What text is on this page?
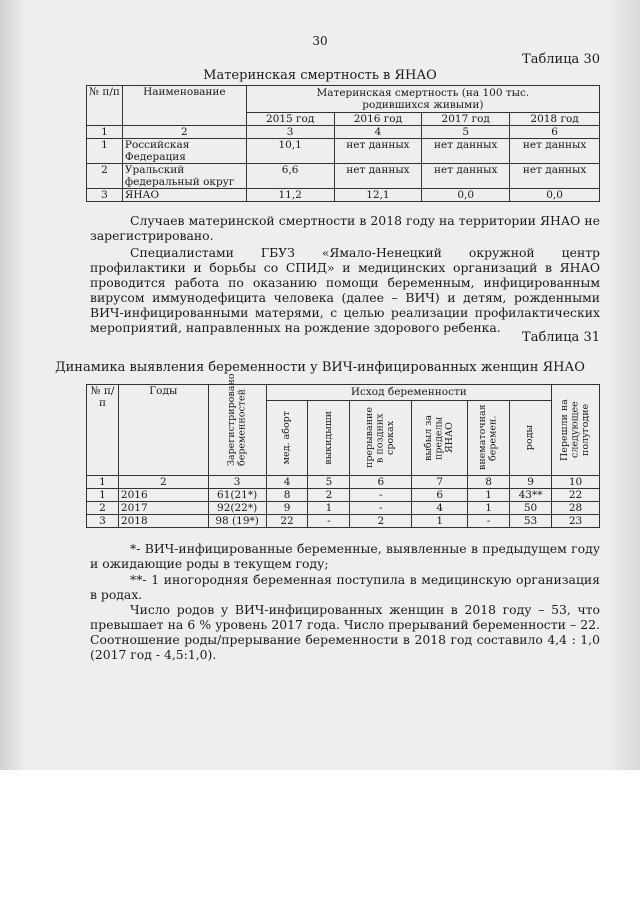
30
Таблица 30
Материнская смертность в ЯНАО
№ п/п	Наименование	Материнская смертность (на 100 тыс. родившихся живыми)			
		2015 год	2016 год	2017 год	2018 год
1	2	3	4	5	6
1	Российская Федерация	10,1	нет данных	нет данных	нет данных
2	Уральский федеральный округ	6,6	нет данных	нет данных	нет данных
3	ЯНАО	11,2	12,1	0,0	0,0

Случаев материнской смертности в 2018 году на территории ЯНАО не зарегистрировано.

Специалистами ГБУЗ «Ямало-Ненецкий окружной центр профилактики и борьбы со СПИД» и медицинских организаций в ЯНАО проводится работа по оказанию помощи беременным, инфицированным вирусом иммунодефицита человека (далее – ВИЧ) и детям, рожденными ВИЧ-инфицированными матерями, с целью реализации профилактических мероприятий, направленных на рождение здорового ребенка.

Таблица 31
Динамика выявления беременности у ВИЧ-инфицированных женщин ЯНАО
№ п/п	Годы	Зарегистрировано беременностей	Исход беременности						Перешли на следующее полугодие

			мед. аборт	выкидыши	прерывание в поздних сроках	выбыл за пределы ЯНАО	внематочная беремен.	роды	

1	2	3	4	5	6	7	8	9	10
1	2016	61(21*)	8	2	-	6	1	43**	22
2	2017	92(22*)	9	1	-	4	1	50	28
3	2018	98 (19*)	22	-	2	1	-	53	23

*- ВИЧ-инфицированные беременные, выявленные в предыдущем году и ожидающие роды в текущем году;

**- 1 иногородняя беременная поступила в медицинскую организация в родах.

Число родов у ВИЧ-инфицированных женщин в 2018 году – 53, что превышает на 6 % уровень 2017 года. Число прерываний беременности – 22. Соотношение роды/прерывание беременности в 2018 год составило 4,4 : 1,0 (2017 год - 4,5:1,0).
